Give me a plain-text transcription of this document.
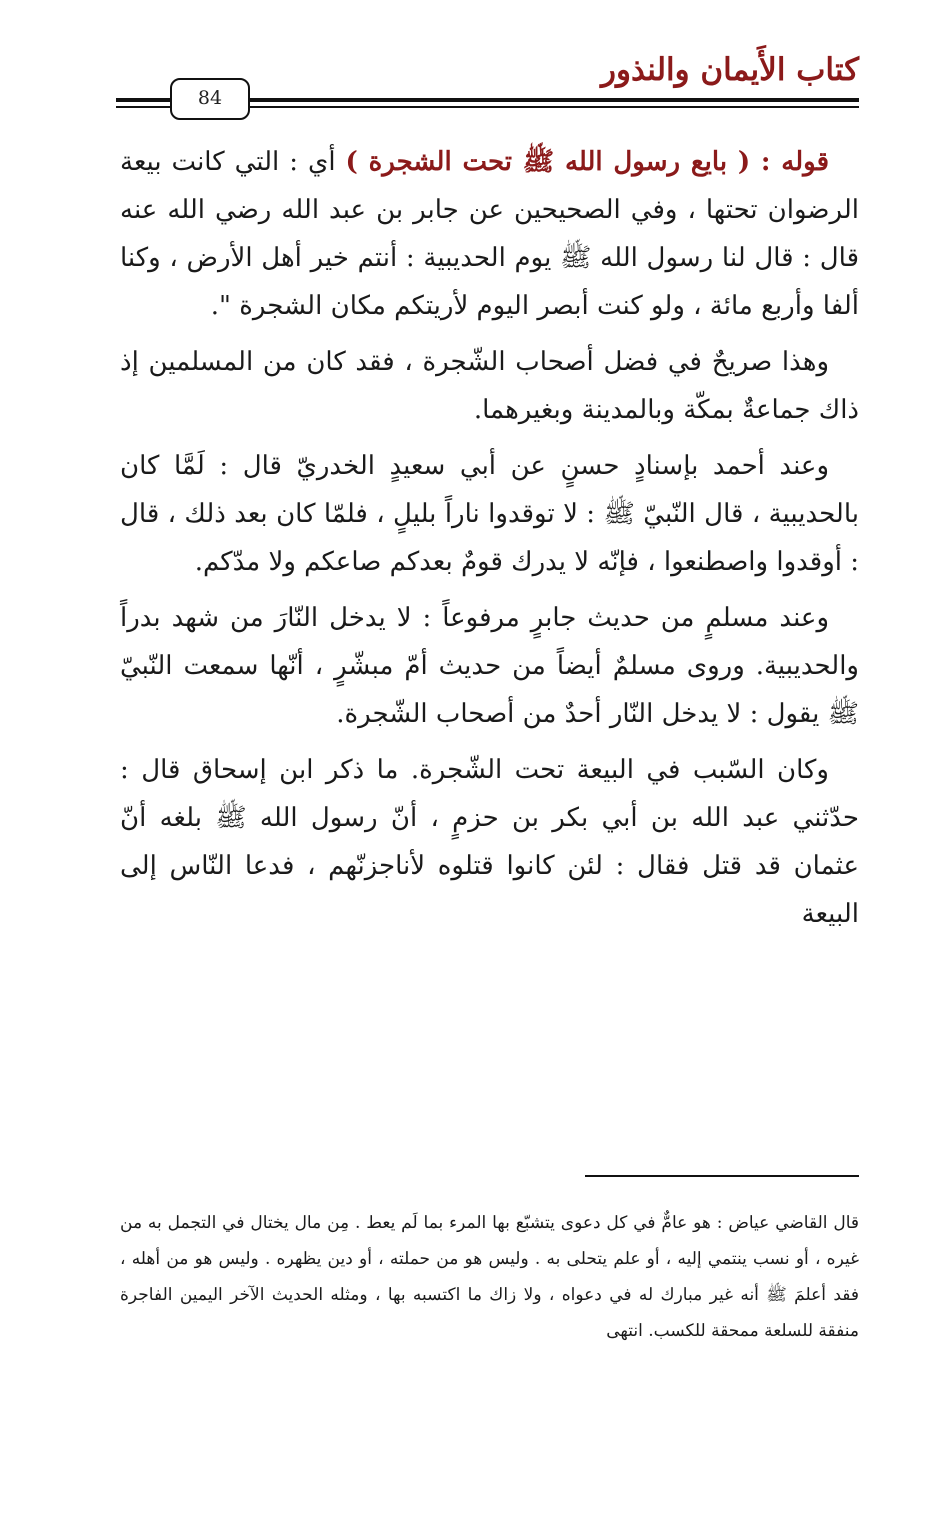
كتاب الأَيمان والنذور
84

قوله : ( بايع رسول الله ﷺ تحت الشجرة ) أي : التي كانت بيعة الرضوان تحتها ، وفي الصحيحين عن جابر بن عبد الله رضي الله عنه قال : قال لنا رسول الله ﷺ يوم الحديبية : أنتم خير أهل الأرض ، وكنا ألفا وأربع مائة ، ولو كنت أبصر اليوم لأريتكم مكان الشجرة ".

وهذا صريحٌ في فضل أصحاب الشّجرة ، فقد كان من المسلمين إذ ذاك جماعةٌ بمكّة وبالمدينة وبغيرهما.

وعند أحمد بإسنادٍ حسنٍ عن أبي سعيدٍ الخدريّ قال : لَمَّا كان بالحديبية ، قال النّبيّ ﷺ : لا توقدوا ناراً بليلٍ ، فلمّا كان بعد ذلك ، قال : أوقدوا واصطنعوا ، فإنّه لا يدرك قومٌ بعدكم صاعكم ولا مدّكم.

وعند مسلمٍ من حديث جابرٍ مرفوعاً : لا يدخل النّارَ من شهد بدراً والحديبية. وروى مسلمٌ أيضاً من حديث أمّ مبشّرٍ ، أنّها سمعت النّبيّ ﷺ يقول : لا يدخل النّار أحدٌ من أصحاب الشّجرة.

وكان السّبب في البيعة تحت الشّجرة. ما ذكر ابن إسحاق قال : حدّثني عبد الله بن أبي بكر بن حزمٍ ، أنّ رسول الله ﷺ بلغه أنّ عثمان قد قتل فقال : لئن كانوا قتلوه لأناجزنّهم ، فدعا النّاس إلى البيعة

قال القاضي عياض : هو عامٌّ في كل دعوى يتشبّع بها المرء بما لَم يعط . مِن مال يختال في التجمل به من غيره ، أو نسب ينتمي إليه ، أو علم يتحلى به . وليس هو من حملته ، أو دين يظهره . وليس هو من أهله ، فقد أعلمَ ﷺ أنه غير مبارك له في دعواه ، ولا زاك ما اكتسبه بها ، ومثله الحديث الآخر اليمين الفاجرة منفقة للسلعة ممحقة للكسب. انتهى
